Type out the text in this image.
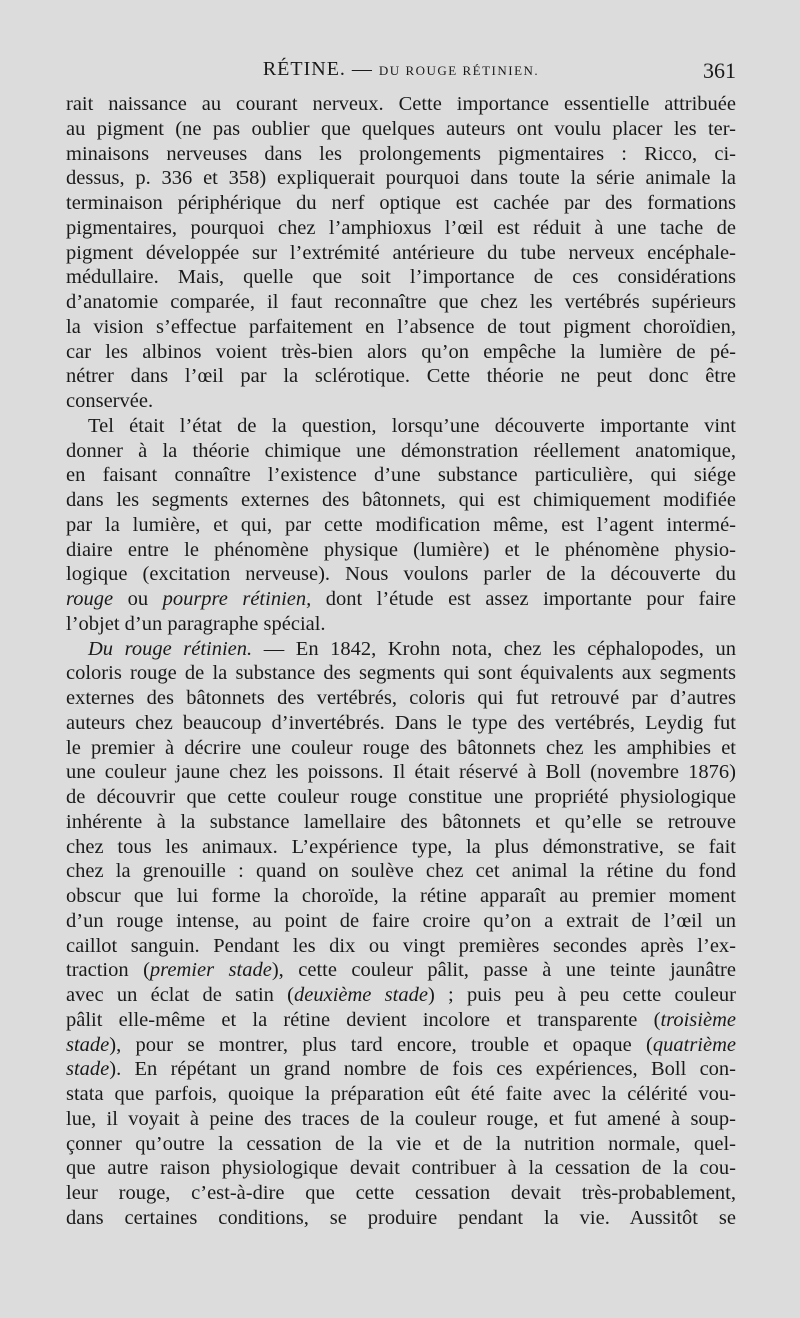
RÉTINE. — DU ROUGE RÉTINIEN.	361

rait naissance au courant nerveux. Cette importance essentielle attribuée
au pigment (ne pas oublier que quelques auteurs ont voulu placer les ter-
minaisons nerveuses dans les prolongements pigmentaires : Ricco, ci-
dessus, p. 336 et 358) expliquerait pourquoi dans toute la série animale la
terminaison périphérique du nerf optique est cachée par des formations
pigmentaires, pourquoi chez l’amphioxus l’œil est réduit à une tache de
pigment développée sur l’extrémité antérieure du tube nerveux encéphale-
médullaire. Mais, quelle que soit l’importance de ces considérations
d’anatomie comparée, il faut reconnaître que chez les vertébrés supérieurs
la vision s’effectue parfaitement en l’absence de tout pigment choroïdien,
car les albinos voient très-bien alors qu’on empêche la lumière de pé-
nétrer dans l’œil par la sclérotique. Cette théorie ne peut donc être
conservée.

Tel était l’état de la question, lorsqu’une découverte importante vint
donner à la théorie chimique une démonstration réellement anatomique,
en faisant connaître l’existence d’une substance particulière, qui siége
dans les segments externes des bâtonnets, qui est chimiquement modifiée
par la lumière, et qui, par cette modification même, est l’agent intermé-
diaire entre le phénomène physique (lumière) et le phénomène physio-
logique (excitation nerveuse). Nous voulons parler de la découverte du
rouge ou pourpre rétinien, dont l’étude est assez importante pour faire
l’objet d’un paragraphe spécial.

Du rouge rétinien. — En 1842, Krohn nota, chez les céphalopodes, un
coloris rouge de la substance des segments qui sont équivalents aux segments
externes des bâtonnets des vertébrés, coloris qui fut retrouvé par d’autres
auteurs chez beaucoup d’invertébrés. Dans le type des vertébrés, Leydig fut
le premier à décrire une couleur rouge des bâtonnets chez les amphibies et
une couleur jaune chez les poissons. Il était réservé à Boll (novembre 1876)
de découvrir que cette couleur rouge constitue une propriété physiologique
inhérente à la substance lamellaire des bâtonnets et qu’elle se retrouve
chez tous les animaux. L’expérience type, la plus démonstrative, se fait
chez la grenouille : quand on soulève chez cet animal la rétine du fond
obscur que lui forme la choroïde, la rétine apparaît au premier moment
d’un rouge intense, au point de faire croire qu’on a extrait de l’œil un
caillot sanguin. Pendant les dix ou vingt premières secondes après l’ex-
traction (premier stade), cette couleur pâlit, passe à une teinte jaunâtre
avec un éclat de satin (deuxième stade) ; puis peu à peu cette couleur
pâlit elle-même et la rétine devient incolore et transparente (troisième
stade), pour se montrer, plus tard encore, trouble et opaque (quatrième
stade). En répétant un grand nombre de fois ces expériences, Boll con-
stata que parfois, quoique la préparation eût été faite avec la célérité vou-
lue, il voyait à peine des traces de la couleur rouge, et fut amené à soup-
çonner qu’outre la cessation de la vie et de la nutrition normale, quel-
que autre raison physiologique devait contribuer à la cessation de la cou-
leur rouge, c’est-à-dire que cette cessation devait très-probablement,
dans certaines conditions, se produire pendant la vie. Aussitôt se
